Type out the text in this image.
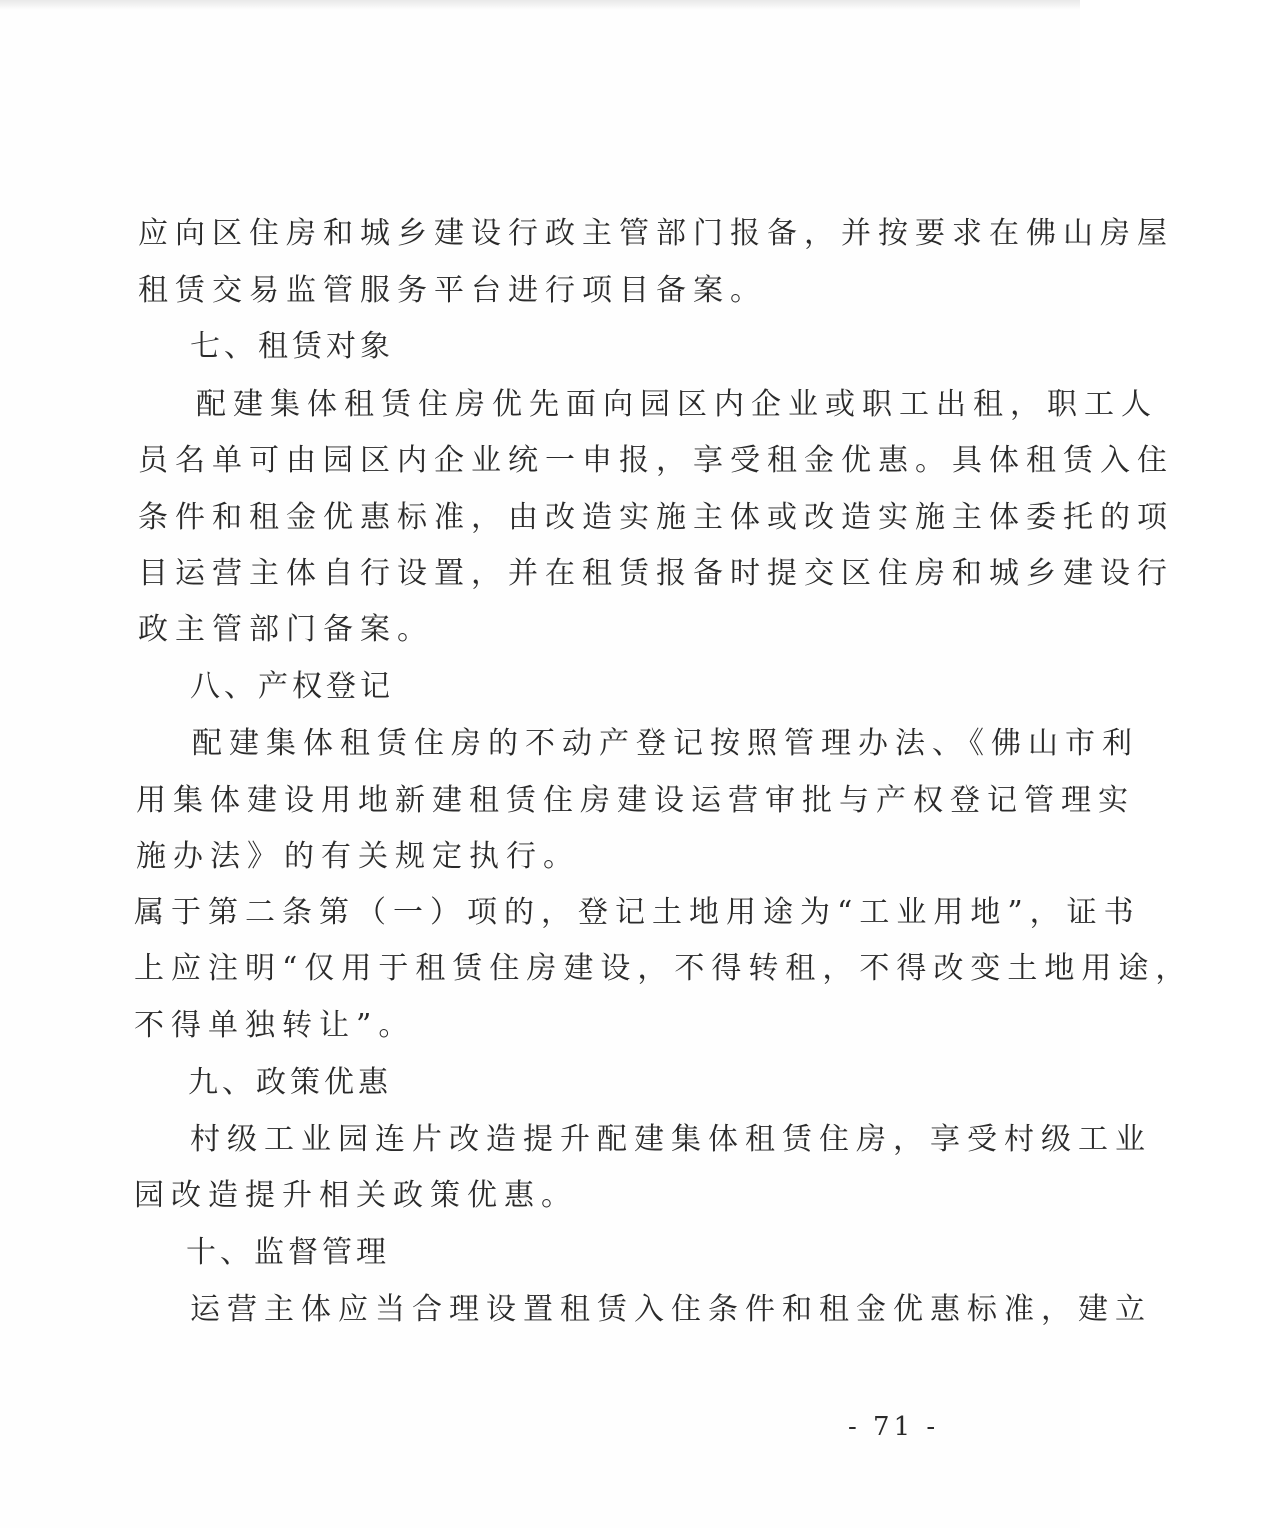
应向区住房和城乡建设行政主管部门报备，并按要求在佛山房屋
租赁交易监管服务平台进行项目备案。
七、租赁对象
配建集体租赁住房优先面向园区内企业或职工出租，职工人
员名单可由园区内企业统一申报，享受租金优惠。具体租赁入住
条件和租金优惠标准，由改造实施主体或改造实施主体委托的项
目运营主体自行设置，并在租赁报备时提交区住房和城乡建设行
政主管部门备案。
八、产权登记
配建集体租赁住房的不动产登记按照管理办法、《佛山市利
用集体建设用地新建租赁住房建设运营审批与产权登记管理实
施办法》的有关规定执行。
属于第二条第（一）项的，登记土地用途为“工业用地”，证书
上应注明“仅用于租赁住房建设，不得转租，不得改变土地用途，
不得单独转让”。
九、政策优惠
村级工业园连片改造提升配建集体租赁住房，享受村级工业
园改造提升相关政策优惠。
十、监督管理
运营主体应当合理设置租赁入住条件和租金优惠标准，建立
- 71 -
